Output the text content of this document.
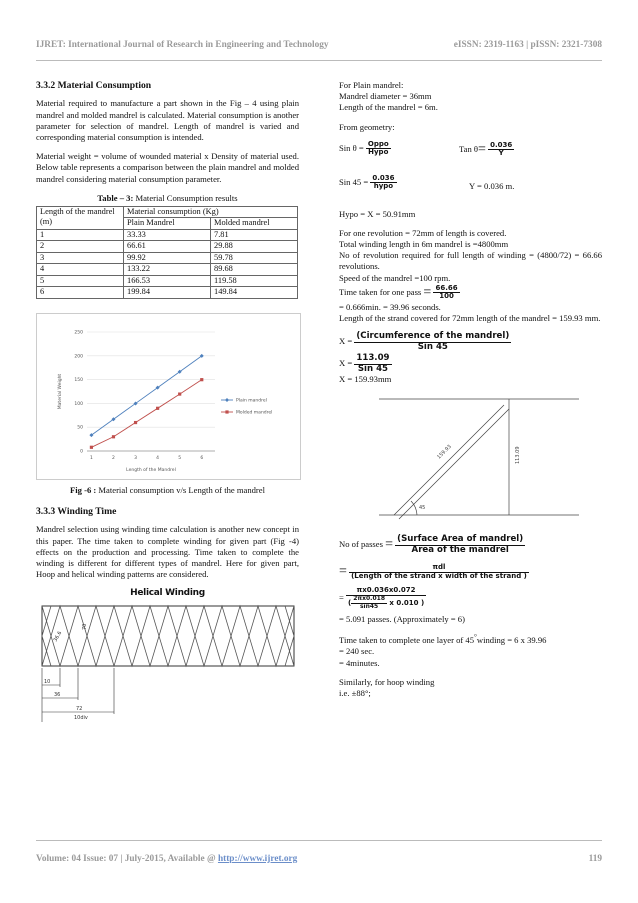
IJRET: International Journal of Research in Engineering and Technology	eISSN: 2319-1163 | pISSN: 2321-7308
3.3.2 Material Consumption

Material required to manufacture a part shown in the Fig – 4 using plain mandrel and molded mandrel is calculated. Material consumption is another parameter for selection of mandrel. Length of mandrel is varied and corresponding material consumption is intended.

Material weight = volume of wounded material x Density of material used. Below table represents a comparison between the plain mandrel and molded mandrel considering material consumption parameter.

Table – 3: Material Consumption results
Length of the mandrel (m)	Material consumption (Kg)	
	Plain Mandrel	Molded mandrel
1	33.33	7.81
2	66.61	29.88
3	99.92	59.78
4	133.22	89.68
5	166.53	119.58
6	199.84	149.84
0
50
100
150
200
250
1	2	3	4	5	6
Length of the Mandrel
Material Weight	Plain mandrel
Molded mandrel
Fig -6 : Material consumption v/s Length of the mandrel
3.3.3 Winding Time

Mandrel selection using winding time calculation is another new concept in this paper. The time taken to complete winding for given part (Fig -4) effects on the production and processing. Time taken to complete the winding is different for different types of mandrel. Here for given part, Hoop and helical winding patterns are considered.

Helical Winding
36.6
70
10
36
72
10div

For Plain mandrel:

Mandrel diameter = 36mm

Length of the mandrel = 6m.

From geometry:

Sin $\theta = \frac{\text{Oppo}}{\text{Hypo}}$	Tan $\theta= \frac{0.036}{Y}$
Sin $45 = \frac{0.036}{\text{hypo}}$	Y = 0.036 m.

Hypo = X = 50.91mm

For one revolution = 72mm of length is covered.

Total winding length in 6m mandrel is =4800mm

No of revolution required for full length of winding = (4800/72) = 66.66 revolutions.

Speed of the mandrel =100 rpm.

Time taken for one pass = $\frac{66.66}{100}$

= 0.666min. = 39.96 seconds.

Length of the strand covered for 72mm length of the mandrel = 159.93 mm.

$X = \frac{\text{(Circumference of the mandrel)}}{\text{Sin 45}}$
$X = \frac{113.09}{\text{Sin 45}}$

X = 159.93mm

159.93	113.09
45
No of passes = $\frac{\text{(Surface Area of mandrel)}}{\text{Area of the mandrel}}$
= $\frac{\text{πdl}}{\text{(Length of the strand x width of the strand )}}$
= $\frac{\pi x0.036x0.072}{( \frac{2\pi x0.018}{\sin 45} x 0.010 )}$

= 5.091 passes. (Approximately = 6)

Time taken to complete one layer of 45°winding = 6 x 39.96

= 240 sec.

= 4minutes.

Similarly, for hoop winding

i.e. ±88°;

Volume: 04 Issue: 07 | July-2015, Available @ http://www.ijret.org	119
